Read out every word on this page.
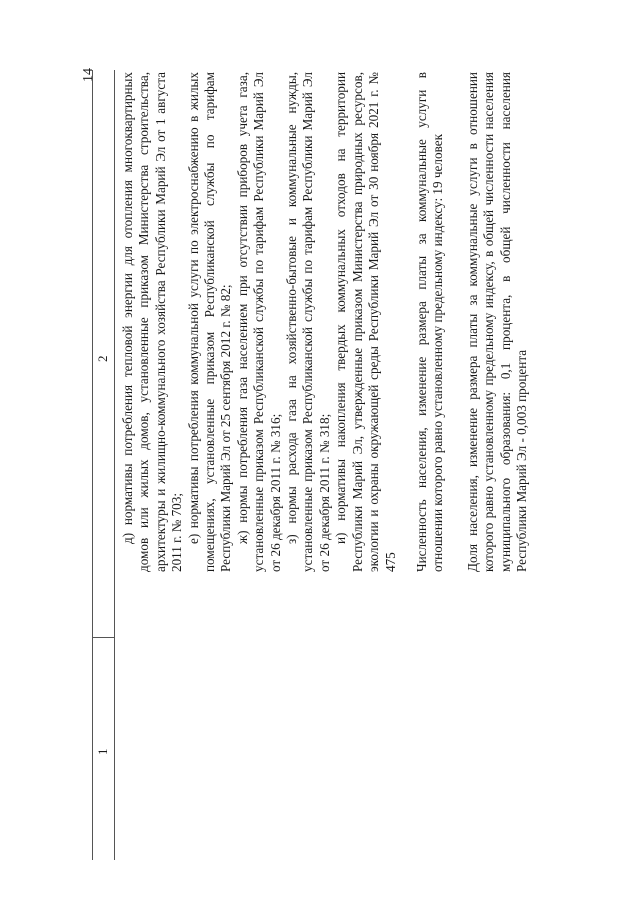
14
1
2 д) нормативы потребления тепловой энергии для отопления многоквартирных домов или жилых домов, установленные приказом Министерства строительства, архитектуры и жилищно-коммунального хозяйства Республики Марий Эл от 1 августа 2011 г. № 703; е) нормативы потребления коммунальной услуги по электроснабжению в жилых помещениях, установленные приказом Республиканской службы по тарифам Республики Марий Эл от 25 сентября 2012 г. № 82; ж) нормы потребления газа населением при отсутствии приборов учета газа, установленные приказом Республиканской службы по тарифам Республики Марий Эл от 26 декабря 2011 г. № 316; з) нормы расхода газа на хозяйственно-бытовые и коммунальные нужды, установленные приказом Республиканской службы по тарифам Республики Марий Эл от 26 декабря 2011 г. № 318; и) нормативы накопления твердых коммунальных отходов на территории Республики Марий Эл, утвержденные приказом Министерства природных ресурсов, экологии и охраны окружающей среды Республики Марий Эл от 30 ноября 2021 г. № 475 Численность населения, изменение размера платы за коммунальные услуги в отношении которого равно установленному предельному индексу: 19 человек Доля населения, изменение размера платы за коммунальные услуги в отношении которого равно установленному предельному индексу, в общей численности населения муниципального образования: 0,1 процента, в общей численности населения Республики Марий Эл - 0,003 процента
